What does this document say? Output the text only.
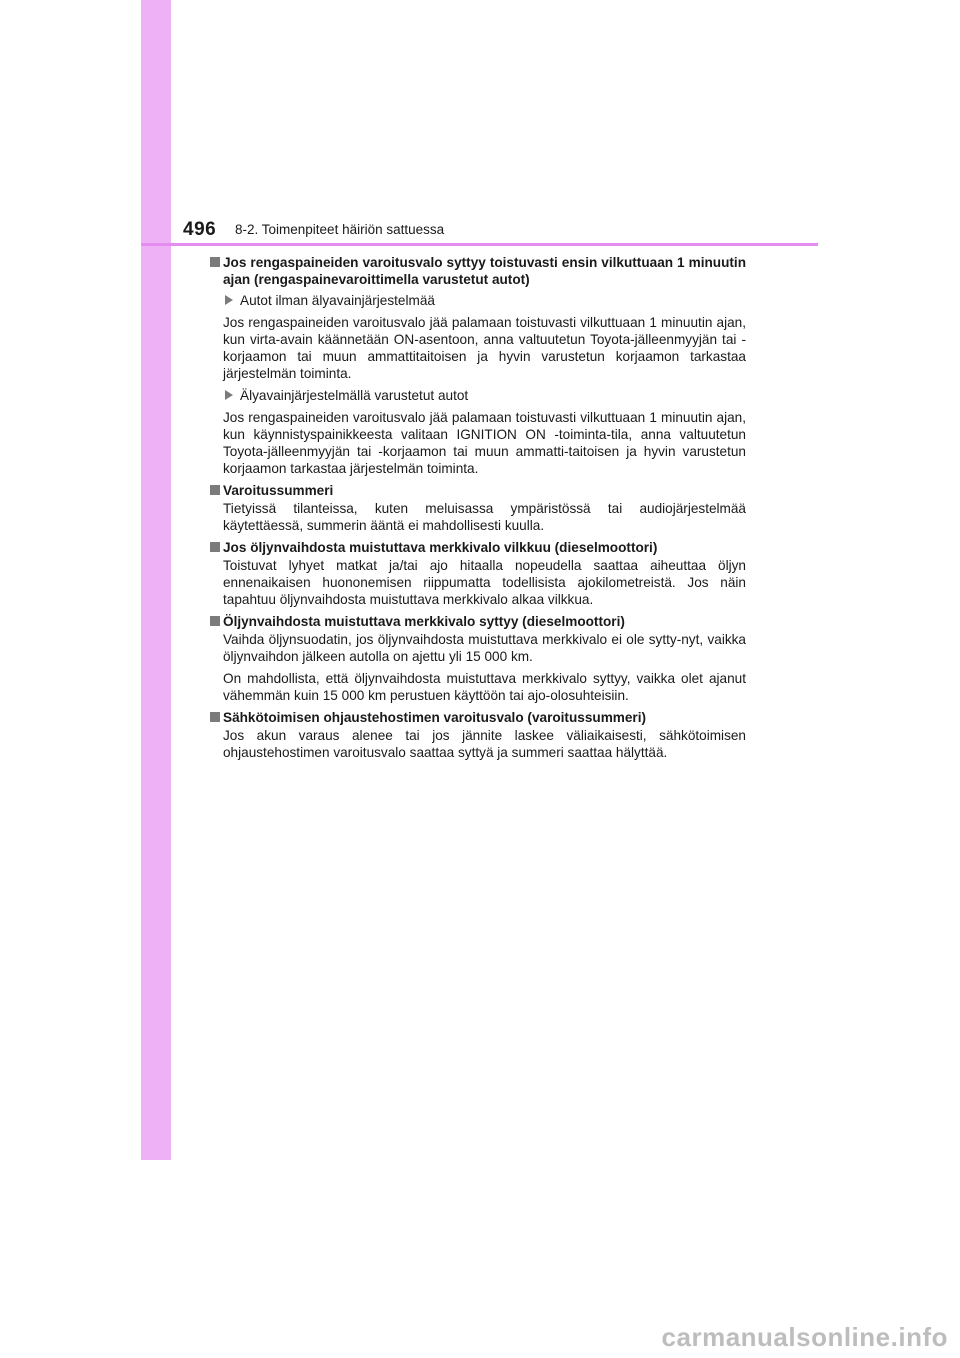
496 8-2. Toimenpiteet häiriön sattuessa
Jos rengaspaineiden varoitusvalo syttyy toistuvasti ensin vilkuttuaan 1 minuutin ajan (rengaspainevaroittimella varustetut autot)
Autot ilman älyavainjärjestelmää

Jos rengaspaineiden varoitusvalo jää palamaan toistuvasti vilkuttuaan 1 minuutin ajan, kun virta-avain käännetään ON-asentoon, anna valtuutetun Toyota-jälleenmyyjän tai -korjaamon tai muun ammattitaitoisen ja hyvin varustetun korjaamon tarkastaa järjestelmän toiminta.

Älyavainjärjestelmällä varustetut autot

Jos rengaspaineiden varoitusvalo jää palamaan toistuvasti vilkuttuaan 1 minuutin ajan, kun käynnistyspainikkeesta valitaan IGNITION ON -toiminta-tila, anna valtuutetun Toyota-jälleenmyyjän tai -korjaamon tai muun ammatti-taitoisen ja hyvin varustetun korjaamon tarkastaa järjestelmän toiminta.

Varoitussummeri

Tietyissä tilanteissa, kuten meluisassa ympäristössä tai audiojärjestelmää käytettäessä, summerin ääntä ei mahdollisesti kuulla.

Jos öljynvaihdosta muistuttava merkkivalo vilkkuu (dieselmoottori)

Toistuvat lyhyet matkat ja/tai ajo hitaalla nopeudella saattaa aiheuttaa öljyn ennenaikaisen huononemisen riippumatta todellisista ajokilometreistä. Jos näin tapahtuu öljynvaihdosta muistuttava merkkivalo alkaa vilkkua.

Öljynvaihdosta muistuttava merkkivalo syttyy (dieselmoottori)

Vaihda öljynsuodatin, jos öljynvaihdosta muistuttava merkkivalo ei ole sytty-nyt, vaikka öljynvaihdon jälkeen autolla on ajettu yli 15 000 km.

On mahdollista, että öljynvaihdosta muistuttava merkkivalo syttyy, vaikka olet ajanut vähemmän kuin 15 000 km perustuen käyttöön tai ajo-olosuhteisiin.

Sähkötoimisen ohjaustehostimen varoitusvalo (varoitussummeri)

Jos akun varaus alenee tai jos jännite laskee väliaikaisesti, sähkötoimisen ohjaustehostimen varoitusvalo saattaa syttyä ja summeri saattaa hälyttää.

carmanualsonline.info
